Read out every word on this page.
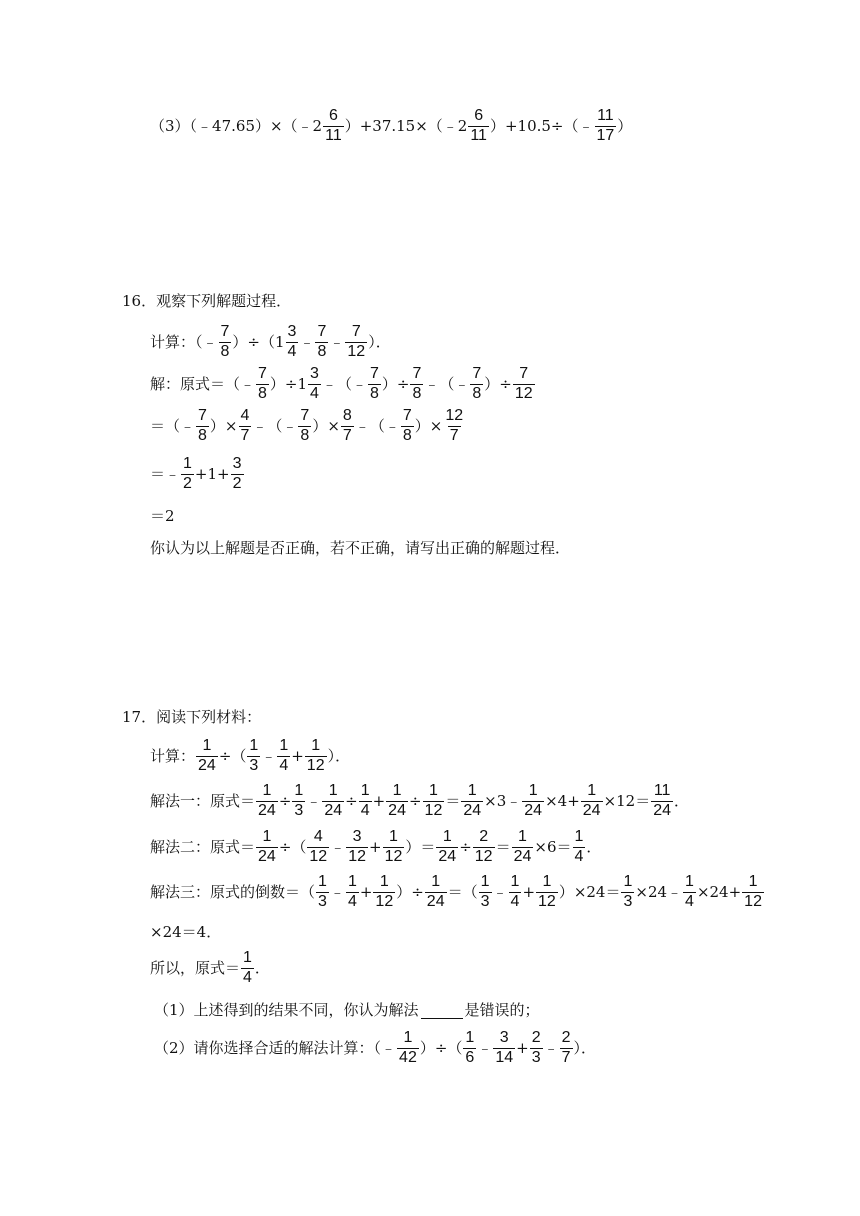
（3）（﹣47.65）×（﹣2 $\frac{6}{11}$ ）+37.15×（﹣2 $\frac{6}{11}$ ）+10.5÷（﹣ $\frac{11}{17}$ ）
16．观察下列解题过程．
计算：（﹣ $\frac{7}{8} )\div(1 \frac{3}{4}$ ﹣ $\frac{7}{8}$ ﹣ $\frac{7}{12}$ ）．
解：原式＝（﹣ $\frac{7}{8} )\div 1 \frac{3}{4}$ ﹣（﹣ $\frac{7}{8}$ ）÷ $\frac{7}{8}$ ﹣（﹣ $\frac{7}{8}$ ）÷ $\frac{7}{12}$
＝（﹣ $\frac{7}{8}$ ）× $\frac{4}{7}$ ﹣（﹣ $\frac{7}{8}$ ）× $\frac{8}{7}$ ﹣（﹣ $\frac{7}{8}$ ）× $\frac{12}{7}$
＝﹣ $\frac{1}{2} +1+ \frac{3}{2}$
＝2
你认为以上解题是否正确，若不正确，请写出正确的解题过程．
17．阅读下列材料：
计算： $\frac{1}{24}$ ÷（ $\frac{1}{3}$ ﹣ $\frac{1}{4} + \frac{1}{12}$ ）．
解法一：原式＝ $\frac{1}{24} \div \frac{1}{3}$ ﹣ $\frac{1}{24} \div \frac{1}{4} + \frac{1}{24} \div \frac{1}{12} = \frac{1}{24}$ ×3﹣ $\frac{1}{24} \times 4+ \frac{1}{24} \times 12= \frac{11}{24}$ ．
解法二：原式＝ $\frac{1}{24}$ ÷（ $\frac{4}{12}$ ﹣ $\frac{3}{12} + \frac{1}{12}$ ）＝ $\frac{1}{24} \div \frac{2}{12} = \frac{1}{24} \times 6= \frac{1}{4}$ ．
解法三：原式的倒数＝（ $\frac{1}{3}$ ﹣ $\frac{1}{4} + \frac{1}{12}$ ）÷ $\frac{1}{24}$ ＝（ $\frac{1}{3}$ ﹣ $\frac{1}{4} + \frac{1}{12} )\times 24= \frac{1}{3}$ ×24﹣ $\frac{1}{4} \times 24+ \frac{1}{12}$
×24＝4．
所以，原式＝ $\frac{1}{4}$ ．
（1）上述得到的结果不同，你认为解法	是错误的；
（2）请你选择合适的解法计算：（﹣ $\frac{1}{42}$ ）÷（ $\frac{1}{6}$ ﹣ $\frac{3}{14} + \frac{2}{3}$ ﹣ $\frac{2}{7}$ ）．
